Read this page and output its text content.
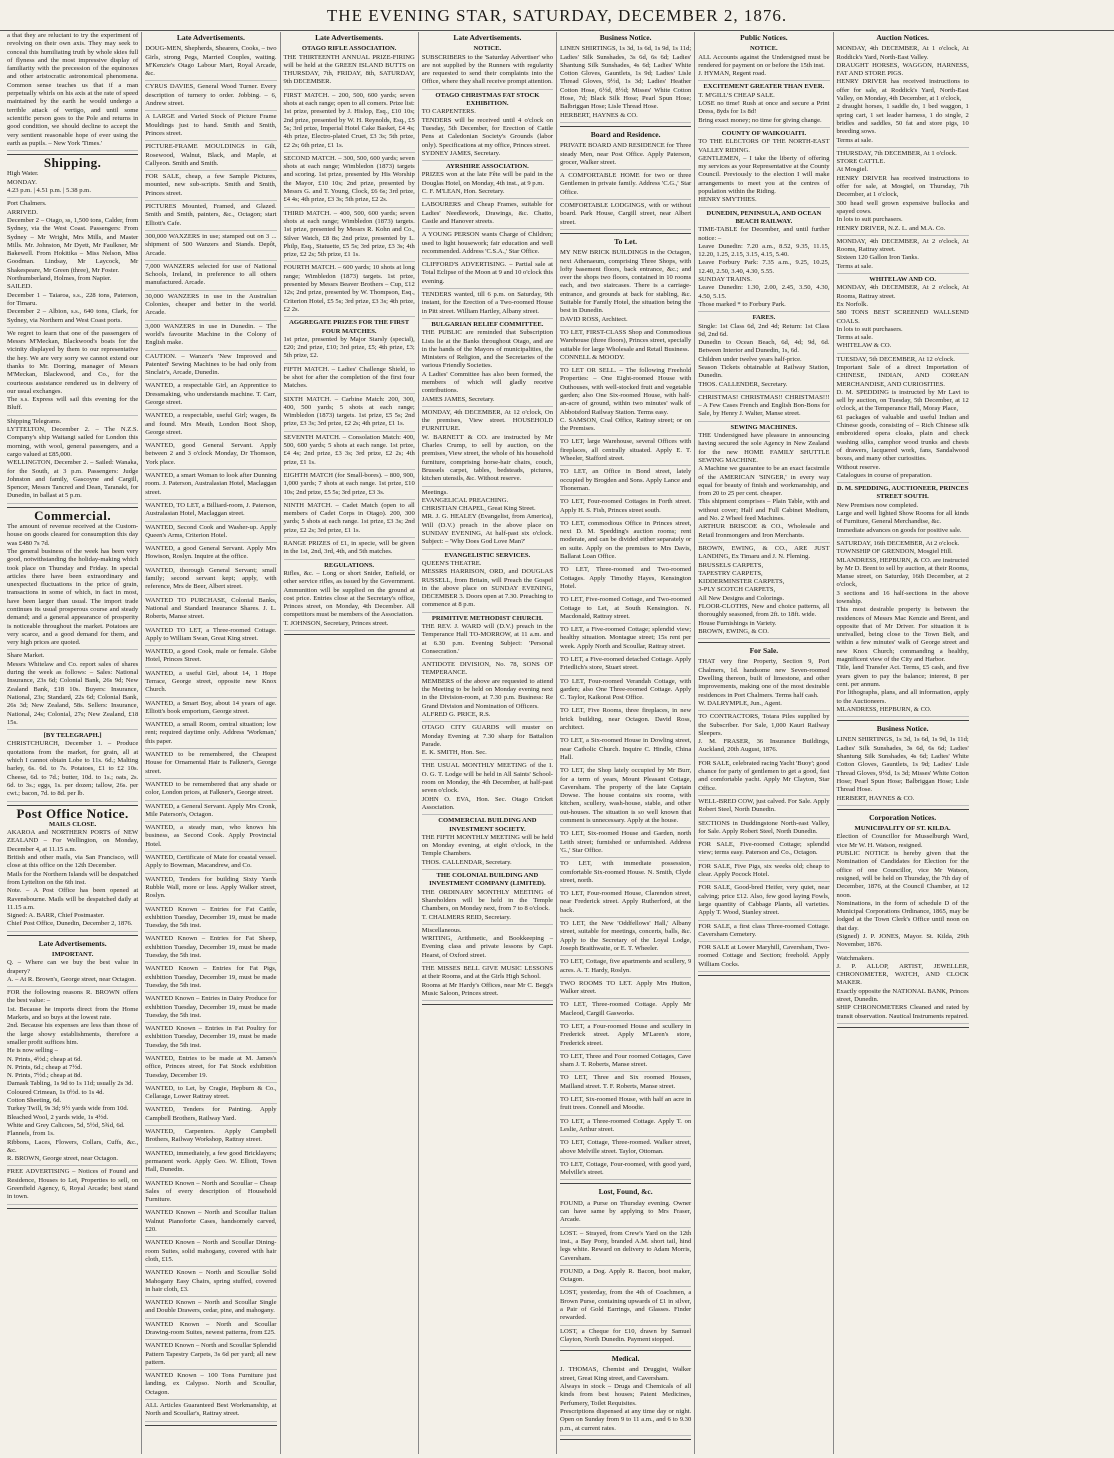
THE EVENING STAR, SATURDAY, DECEMBER 2, 1876.

a that they are reluctant to try the experiment of revolving on their own axis. They may seek to conceal this humiliating truth by whole skies full of flyness and the most impressive display of familiarity with the precession of the equinoxes and other aristocratic astronomical phenomena. Common sense teaches us that if a man perpetually whirls on his axis at the rate of speed maintained by the earth he would undergo a terrible attack of vertigo, and until some scientific person goes to the Pole and returns in good condition, we should decline to accept the very sentient reasonable hope of ever using the earth as pupils. – New York 'Times.'

Shipping.

High Water.

MONDAY.

4.23 p.m. | 4.51 p.m. | 5.38 p.m.

Port Chalmers.

ARRIVED.

December 2 – Otago, ss, 1,500 tons, Calder, from Sydney, via the West Coast. Passengers: From Sydney – Mr Wright, Mrs Mills, and Master Mills. Mr. Johnston, Mr Dyett, Mr Faulkner, Mr Bakewell. From Hokitika – Miss Nelson, Miss Goodman. Lindsay, Mr Laycock, Mr Shakespeare, Mr Green (three), Mr Foster.

Northumberland, Holmes, from Napier.

SAILED.

December 1 – Taiaroa, s.s., 228 tons, Paterson, for Timaru.

December 2 – Albion, s.s., 640 tons, Clark, for Sydney, via Northern and West Coast ports.

We regret to learn that one of the passengers of Messrs M'Meckan, Blackwood's boats for the vicinity displayed by them to our representative the hey. We are very sorry we cannot extend our thanks to Mr. Dorring, manager of Messrs M'Meckan, Blackwood, and Co., for the courteous assistance rendered us in delivery of our usual exchanges.

The s.s. Express will sail this evening for the Bluff.

Shipping Telegrams.

LYTTELTON, December 2. – The N.Z.S. Company's ship Waitangi sailed for London this morning, with wool, general passengers, and a cargo valued at £85,000.

WELLINGTON, December 2. – Sailed: Wanaka, for the South, at 3 p.m. Passengers: Judge Johnston and family, Gascoyne and Cargill, Spencer, Messrs Tancred and Dean, Taranaki, for Dunedin, in ballast at 5 p.m.

Commercial.

The amount of revenue received at the Custom-house on goods cleared for consumption this day was £480 7s 7d.

The general business of the week has been very good, notwithstanding the holiday-making which took place on Thursday and Friday. In special articles there have been extraordinary and unexpected fluctuations in the price of grain, transactions in some of which, in fact in most, have been larger than usual. The import trade continues its usual prosperous course and steady demand; and a general appearance of prosperity is noticeable throughout the market. Potatoes are very scarce, and a good demand for them, and very high prices are quoted.

Share Market.

Messrs Whitelaw and Co. report sales of shares during the week as follows: – Sales: National Insurance, 23s 6d; Colonial Bank, 26s 9d; New Zealand Bank, £18 10s. Buyers: Insurance, National, 23s; Standard, 22s 6d; Colonial Bank, 26s 3d; New Zealand, 58s. Sellers: Insurance, National, 24s; Colonial, 27s; New Zealand, £18 15s.

[BY TELEGRAPH.]

CHRISTCHURCH, December 1. – Produce quotations from the market, for grain, all at which I cannot obtain Lobe to 11s. 6d.; Malting barley, 6s. 6d. to 7s. Potatoes, £1 to £2 10s. Cheese, 6d. to 7d.; butter, 10d. to 1s.; oats, 2s. 6d. to 3s.; eggs, 1s. per dozen; tallow, 26s. per cwt.; bacon, 7d. to 8d. per lb.

Post Office Notice.

MAILS CLOSE.

AKAROA and NORTHERN PORTS of NEW ZEALAND – For Wellington, on Monday, December 4, at 11.15 a.m.

British and other mails, via San Francisco, will close at this office on the 12th December.

Mails for the Northern Islands will be despatched from Lyttelton on the 6th inst.

Note. – A Post Office has been opened at Ravensbourne. Mails will be despatched daily at 11.15 a.m.

Signed: A. BARR, Chief Postmaster.

Chief Post Office, Dunedin, December 2, 1876.

Late Advertisements.

IMPORTANT.

Q. – Where can we buy the best value in drapery?

A. – At R. Brown's, George street, near Octagon.

FOR the following reasons R. BROWN offers the best value: –

1st. Because he imports direct from the Home Markets, and so buys at the lowest rate.

2nd. Because his expenses are less than those of the large showy establishments, therefore a smaller profit suffices him.

He is now selling –

N. Prints, 4½d.; cheap at 6d.

N. Prints, 6d.; cheap at 7½d.

N. Prints, 7½d.; cheap at 8d.

Damask Tabling, 1s 9d to 1s 11d; usually 2s 3d.

Coloured Crimean, 1s 0½d. to 1s 4d.

Cotton Sheeting, 6d.

Turkey Twill, 9s 3d; 9½ yards wide from 10d.

Bleached Wool, 2 yards wide, 1s 4½d.

White and Grey Calicoes, 5d, 5½d, 5¾d, 6d.

Flannels, from 1s.

Ribbons, Laces, Flowers, Collars, Cuffs, &c., &c.

R. BROWN, George street, near Octagon.

FREE ADVERTISING – Notices of Found and Residence, Houses to Let, Properties to sell, on Greenfield Agency, 6, Royal Arcade; best stand in town.

Late Advertisements.

DOUG-MEN, Shepherds, Shearers, Cooks, – two Girls, strong Pegs, Married Couples, waiting. M'Kenzie's Otago Labour Mart, Royal Arcade, &c.

CYRUS DAVIES, General Wood Turner. Every description of turnery to order. Jobbing. – 6, Andrew street.

A LARGE and Varied Stock of Picture Frame Mouldings just to hand. Smith and Smith, Princes street.

PICTURE-FRAME MOULDINGS in Gilt, Rosewood, Walnut, Black, and Maple, at Callyeon. Smith and Smith.

FOR SALE, cheap, a few Sample Pictures, mounted, new sub-scripts. Smith and Smith, Princes street.

PICTURES Mounted, Framed, and Glazed. Smith and Smith, painters, &c., Octagon; start Elliott's Cafe.

300,000 WAXZERS in use; stamped out on 3 ... shipment of 500 Wanzers and Stands. Depôt, Arcade.

7,000 WANZERS selected for use of National Schools, Ireland, in preference to all others manufactured. Arcade.

30,000 WANZERS in use in the Australian Colonies, cheaper and better in the world. Arcade.

3,000 WANZERS in use in Dunedin. – The world's favourite Machine in the Colony of English make.

CAUTION. – Wanzer's 'New Improved and Patented' Sewing Machines to be had only from Sinclair's, Arcade, Dunedin.

WANTED, a respectable Girl, an Apprentice to Dressmaking, who understands machine. T. Carr, George street.

WANTED, a respectable, useful Girl; wages, 8s and found. Mrs Meath, London Boot Shop, George street.

WANTED, good General Servant. Apply between 2 and 3 o'clock Monday, Dr Thomson, York place.

WANTED, a smart Woman to look after Dunning room. J. Paterson, Australasian Hotel, Maclaggan street.

WANTED, TO LET, a Billiard-room, J. Paterson, Australasian Hotel, Maclaggan street.

WANTED, Second Cook and Washer-up. Apply Queen's Arms, Criterion Hotel.

WANTED, a good General Servant. Apply Mrs Howison, Roslyn. Inquire at the office.

WANTED, thorough General Servant; small family; second servant kept; apply, with reference, Mrs de Beer, Albert street.

WANTED TO PURCHASE, Colonial Banks, National and Standard Insurance Shares. J. L. Roberts, Manse street.

WANTED TO LET, a Three-roomed Cottage. Apply to William Swan, Great King street.

WANTED, a good Cook, male or female. Globe Hotel, Princes Street.

WANTED, a useful Girl, about 14, 1 Hope Terrace, George street, opposite new Knox Church.

WANTED, a Smart Boy, about 14 years of age. Elliott's book emporium, George street.

WANTED, a small Room, central situation; low rent; required daytime only. Address 'Workman,' this paper.

WANTED to be remembered, the Cheapest House for Ornamental Hair is Falkner's, George street.

WANTED to be remembered that any shade or color, London prices, at Falkner's, George street.

WANTED, a General Servant. Apply Mrs Cronk, Mile Paterson's, Octagon.

WANTED, a steady man, who knows his business, as Second Cook. Apply Provincial Hotel.

WANTED, Certificate of Mate for coastal vessel. Apply to Bowman, Macandrew, and Co.

WANTED, Tenders for building Sixty Yards Rubble Wall, more or less. Apply Walker street, Roslyn.

WANTED Known – Entries for Fat Cattle, exhibition Tuesday, December 19, must be made Tuesday, the 5th inst.

WANTED Known – Entries for Fat Sheep, exhibition Tuesday, December 19, must be made Tuesday, the 5th inst.

WANTED Known – Entries for Fat Pigs, exhibition Tuesday, December 19, must be made Tuesday, the 5th inst.

WANTED Known – Entries in Dairy Produce for exhibition Tuesday, December 19, must be made Tuesday, the 5th inst.

WANTED Known – Entries in Fat Poultry for exhibition Tuesday, December 19, must be made Tuesday, the 5th inst.

WANTED, Entries to be made at M. James's office, Princes street, for Fat Stock exhibition Tuesday, December 19.

WANTED, to Let, by Cragie, Hepburn & Co., Cellarage, Lower Rattray street.

WANTED, Tenders for Painting. Apply Campbell Brothers, Railway Yard.

WANTED, Carpenters. Apply Campbell Brothers, Railway Workshop, Rattray street.

WANTED, immediately, a few good Bricklayers; permanent work. Apply Geo. W. Elliott, Town Hall, Dunedin.

WANTED Known – North and Scoullar – Cheap Sales of every description of Household Furniture.

WANTED Known – North and Scoullar Italian Walnut Pianoforte Cases, handsomely carved, £20.

WANTED Known – North and Scoullar Dining-room Suites, solid mahogany, covered with hair cloth, £15.

WANTED Known – North and Scoullar Solid Mahogany Easy Chairs, spring stuffed, covered in hair cloth, £3.

WANTED Known – North and Scoullar Single and Double Drawers, cedar, pine, and mahogany.

WANTED Known – North and Scoullar Drawing-room Suites, newest patterns, from £25.

WANTED Known – North and Scoullar Splendid Pattern Tapestry Carpets, 3s 6d per yard; all new pattern.

WANTED Known – 100 Tons Furniture just landing, ex Calypso. North and Scoullar, Octagon.

ALL Articles Guaranteed Best Workmanship, at North and Scoullar's, Rattray street.

Late Advertisements.

OTAGO RIFLE ASSOCIATION.

THE THIRTEENTH ANNUAL PRIZE-FIRING will be held at the GREEN ISLAND BUTTS on THURSDAY, 7th, FRIDAY, 8th, SATURDAY, 9th DECEMBER.

FIRST MATCH. – 200, 500, 600 yards; seven shots at each range; open to all comers. Prize list: 1st prize, presented by J. Hislop, Esq., £10 10s; 2nd prize, presented by W. H. Reynolds, Esq., £5 5s; 3rd prize, Imperial Hotel Cake Basket, £4 4s; 4th prize, Electro-plated Cruet, £3 3s; 5th prize, £2 2s; 6th prize, £1 1s.

SECOND MATCH. – 300, 500, 600 yards; seven shots at each range; Wimbledon (1873) targets and scoring. 1st prize, presented by His Worship the Mayor, £10 10s; 2nd prize, presented by Messrs G. and T. Young, Clock, £6 6s; 3rd prize, £4 4s; 4th prize, £3 3s; 5th prize, £2 2s.

THIRD MATCH. – 400, 500, 600 yards; seven shots at each range; Wimbledon (1873) targets. 1st prize, presented by Messrs R. Kohn and Co., Silver Watch, £8 8s; 2nd prize, presented by L. Philp, Esq., Statuette, £5 5s; 3rd prize, £3 3s; 4th prize, £2 2s; 5th prize, £1 1s.

FOURTH MATCH. – 600 yards; 10 shots at long range; Wimbledon (1873) targets. 1st prize, presented by Messrs Beaver Brothers – Cup, £12 12s; 2nd prize, presented by W. Thompson, Esq., Criterion Hotel, £5 5s; 3rd prize, £3 3s; 4th prize, £2 2s.

AGGREGATE PRIZES FOR THE FIRST FOUR MATCHES.

1st prize, presented by Major Starsly (special), £20; 2nd prize, £10; 3rd prize, £5; 4th prize, £3; 5th prize, £2.

FIFTH MATCH. – Ladies' Challenge Shield, to be shot for after the completion of the first four Matches.

SIXTH MATCH. – Carbine Match: 200, 300, 400, 500 yards; 5 shots at each range; Wimbledon (1873) targets. 1st prize, £5 5s; 2nd prize, £3 3s; 3rd prize, £2 2s; 4th prize, £1 1s.

SEVENTH MATCH. – Consolation Match: 400, 500, 600 yards; 5 shots at each range. 1st prize, £4 4s; 2nd prize, £3 3s; 3rd prize, £2 2s; 4th prize, £1 1s.

EIGHTH MATCH (for Small-bores). – 800, 900, 1,000 yards; 7 shots at each range. 1st prize, £10 10s; 2nd prize, £5 5s; 3rd prize, £3 3s.

NINTH MATCH. – Cadet Match (open to all members of Cadet Corps in Otago). 200, 300 yards; 5 shots at each range. 1st prize, £3 3s; 2nd prize, £2 2s; 3rd prize, £1 1s.

RANGE PRIZES of £1, in specie, will be given in the 1st, 2nd, 3rd, 4th, and 5th matches.

REGULATIONS.

Rifles, &c. – Long or short Snider, Enfield, or other service rifles, as issued by the Government. Ammunition will be supplied on the ground at cost price. Entries close at the Secretary's office, Princes street, on Monday, 4th December. All competitors must be members of the Association.

T. JOHNSON, Secretary, Princes street.

Late Advertisements.

NOTICE.

SUBSCRIBERS to the 'Saturday Advertiser' who are not supplied by the Runners with regularity are requested to send their complaints into the Office, where they shall receive prompt attention.

OTAGO CHRISTMAS FAT STOCK EXHIBITION.

TO CARPENTERS.

TENDERS will be received until 4 o'clock on Tuesday, 5th December, for Erection of Cattle Pens at Caledonian Society's Grounds (labor only). Specifications at my office, Princes street.

SYDNEY JAMES, Secretary.

AYRSHIRE ASSOCIATION.

PRIZES won at the late Fête will be paid in the Douglas Hotel, on Monday, 4th inst., at 9 p.m.

C. F. M'LEAN, Hon. Secretary.

LABOURERS and Cheap Frames, suitable for Ladies' Needlework, Drawings, &c. Chatto, Castle and Hanover streets.

A YOUNG PERSON wants Charge of Children; used to light housework; fair education and well recommended. Address 'C.S.A.,' Star Office.

CLIFFORD'S ADVERTISING. – Partial sale at Total Eclipse of the Moon at 9 and 10 o'clock this evening.

TENDERS wanted, till 6 p.m. on Saturday, 9th instant, for the Erection of a Two-roomed House in Pitt street. William Hartley, Albany street.

BULGARIAN RELIEF COMMITTEE.

THE PUBLIC are reminded that Subscription Lists lie at the Banks throughout Otago, and are in the hands of the Mayors of municipalities, the Ministers of Religion, and the Secretaries of the various Friendly Societies.

A Ladies' Committee has also been formed, the members of which will gladly receive contributions.

JAMES JAMES, Secretary.

MONDAY, 4th DECEMBER, At 12 o'clock, On the premises, View street. HOUSEHOLD FURNITURE.

W. BARNETT & CO. are instructed by Mr Charles Crump, to sell by auction, on the premises, View street, the whole of his household furniture, comprising horse-hair chairs, couch, Brussels carpet, tables, bedsteads, pictures, kitchen utensils, &c. Without reserve.

Meetings.

EVANGELICAL PREACHING.

CHRISTIAN CHAPEL, Great King Street.

MR. J. G. HEALEY (Evangelist, from America), Will (D.V.) preach in the above place on SUNDAY EVENING, At half-past six o'clock. Subject: – 'Why Does God Love Man?'

EVANGELISTIC SERVICES.

QUEEN'S THEATRE.

MESSRS HARRISON, ORD, and DOUGLAS RUSSELL, from Britain, will Preach the Gospel in the above place on SUNDAY EVENING, DECEMBER 3. Doors open at 7.30. Preaching to commence at 8 p.m.

PRIMITIVE METHODIST CHURCH.

THE REV. J. WARD will (D.V.) preach in the Temperance Hall TO-MORROW, at 11 a.m. and at 6.30 p.m. Evening Subject: 'Personal Consecration.'

ANTIDOTE DIVISION, No. 78, SONS OF TEMPERANCE.

MEMBERS of the above are requested to attend the Meeting to be held on Monday evening next in the Division-room, at 7.30 p.m. Business: Re Grand Division and Nomination of Officers.

ALFRED G. PRICE, R.S.

OTAGO CITY GUARDS will muster on Monday Evening at 7.30 sharp for Battalion Parade.

E. K. SMITH, Hon. Sec.

THE USUAL MONTHLY MEETING of the I. O. G. T. Lodge will be held in All Saints' School-room on Monday, the 4th December, at half-past seven o'clock.

JOHN O. EVA, Hon. Sec. Otago Cricket Association.

COMMERCIAL BUILDING AND INVESTMENT SOCIETY.

THE FIFTH MONTHLY MEETING will be held on Monday evening, at eight o'clock, in the Temple Chambers.

THOS. CALLENDAR, Secretary.

THE COLONIAL BUILDING AND INVESTMENT COMPANY (LIMITED).

THE ORDINARY MONTHLY MEETING of Shareholders will be held in the Temple Chambers, on Monday next, from 7 to 8 o'clock.

T. CHALMERS REID, Secretary.

Miscellaneous.

WRITING, Arithmetic, and Bookkeeping – Evening class and private lessons by Capt. Hearst, of Oxford street.

THE MISSES BELL GIVE MUSIC LESSONS at their Rooms, and at the Girls High School.

Rooms at Mr Hardy's Offices, near Mr C. Begg's Music Saloon, Princes street.

Business Notice.

LINEN SHIRTINGS, 1s 3d, 1s 6d, 1s 9d, 1s 11d; Ladies' Silk Sunshades, 3s 6d, 6s 6d; Ladies' Shantung Silk Sunshades, 4s 6d; Ladies' White Cotton Gloves, Gauntlets, 1s 9d; Ladies' Lisle Thread Gloves, 9½d, 1s 3d; Ladies' Heather Cotton Hose, 6½d, 8½d; Misses' White Cotton Hose, 7d; Black Silk Hose; Pearl Spun Hose; Balbriggan Hose; Lisle Thread Hose.

HERBERT, HAYNES & CO.

Board and Residence.

PRIVATE BOARD AND RESIDENCE for Three steady Men, near Post Office. Apply Paterson, grocer, Walker street.

A COMFORTABLE HOME for two or three Gentlemen in private family. Address 'C.G.,' Star Office.

COMFORTABLE LODGINGS, with or without board. Park House, Cargill street, near Albert street.

To Let.

MY NEW BRICK BUILDINGS in the Octagon, next Athenaeum, comprising Three Shops, with lofty basement floors, back entrance, &c.; and over the shops two floors, contained in 10 rooms each, and two staircases. There is a carriage-entrance, and grounds at back for stabling, &c. Suitable for Family Hotel, the situation being the best in Dunedin.

DAVID ROSS, Architect.

TO LET, FIRST-CLASS Shop and Commodious Warehouse (three floors), Princes street, specially suitable for large Wholesale and Retail Business.

CONNELL & MOODY.

TO LET OR SELL. – The following Freehold Properties: – One Eight-roomed House with Outhouses, with well-stocked fruit and vegetable garden; also One Six-roomed House, with half-an-acre of ground, within two minutes' walk of Abbotsford Railway Station. Terms easy.

C. SAMSON, Coal Office, Rattray street; or on the Premises.

TO LET, large Warehouse, several Offices with fireplaces, all centrally situated. Apply E. T. Wheeler, Stafford street.

TO LET, an Office in Bond street, lately occupied by Brogden and Sons. Apply Lance and Thoneman.

TO LET, Four-roomed Cottages in Forth street. Apply H. S. Fish, Princes street south.

TO LET, commodious Office in Princes street, next D. M. Spedding's auction rooms; rent moderate, and can be divided either separately or en suite. Apply on the premises to Mrs Davis, Ballarat Loan Office.

TO LET, Three-roomed and Two-roomed Cottages. Apply Timothy Hayes, Kensington Hotel.

TO LET, Five-roomed Cottage, and Two-roomed Cottage to Let, at South Kensington. N. Macdonald, Rattray street.

TO LET, a Five-roomed Cottage; splendid view; healthy situation. Montague street; 15s rent per week. Apply North and Scoullar, Rattray street.

TO LET, a Five-roomed detached Cottage. Apply Friedlich's store, Stuart street.

TO LET, Four-roomed Verandah Cottage, with garden; also One Three-roomed Cottage. Apply C. Taylor, Kaikorai Post Office.

TO LET, Five Rooms, three fireplaces, in new brick building, near Octagon. David Ross, architect.

TO LET, a Six-roomed House in Dowling street, near Catholic Church. Inquire C. Hindle, China Hall.

TO LET, the Shop lately occupied by Mr Burr, for a term of years, Mount Pleasant Cottage, Caversham. The property of the late Captain Dowse. The house contains six rooms, with kitchen, scullery, wash-house, stable, and other out-houses. The situation is so well known that comment is unnecessary. Apply at the house.

TO LET, Six-roomed House and Garden, north Leith street; furnished or unfurnished. Address 'G.,' Star Office.

TO LET, with immediate possession, comfortable Six-roomed House. N. Smith, Clyde street, north.

TO LET, Four-roomed House, Clarendon street, near Frederick street. Apply Rutherford, at the back.

TO LET, the New 'Oddfellows' Hall,' Albany street, suitable for meetings, concerts, balls, &c. Apply to the Secretary of the Loyal Lodge, Joseph Braithwaite, or E. T. Wheeler.

TO LET, Cottage, five apartments and scullery, 9 acres. A. T. Hardy, Roslyn.

TWO ROOMS TO LET. Apply Mrs Hutton, Walker street.

TO LET, Three-roomed Cottage. Apply Mr Macleod, Cargill Gasworks.

TO LET, a Four-roomed House and scullery in Frederick street. Apply M'Laren's store, Frederick street.

TO LET, Three and Four roomed Cottages, Cave sham J. T. Roberts, Manse street.

TO LET, Three and Six roomed Houses, Mailland street. T. F. Roberts, Manse street.

TO LET, Six-roomed House, with half an acre in fruit trees. Connell and Moodie.

TO LET, a Three-roomed Cottage. Apply T. on Leslie, Arthur street.

TO LET, Cottage, Three-roomed. Walker street, above Melville street. Taylor, Ottoman.

TO LET, Cottage, Four-roomed, with good yard, Melville's street.

Lost, Found, &c.

FOUND, a Purse on Thursday evening. Owner can have same by applying to Mrs Fraser, Arcade.

LOST. – Strayed, from Crew's Yard on the 12th inst., a Bay Pony, branded A.M. short tail, hind legs white. Reward on delivery to Adam Morris, Caversham.

FOUND, a Dog. Apply R. Bacon, boot maker, Octagon.

LOST, yesterday, from the 4th of Coachmen, a Brown Purse, containing upwards of £1 in silver, a Pair of Gold Earrings, and Glasses. Finder rewarded.

LOST, a Cheque for £10, drawn by Samuel Clayton, North Dunedin. Payment stopped.

Medical.

J. THOMAS, Chemist and Druggist, Walker street, Great King street, and Caversham.

Always in stock – Drugs and Chemicals of all kinds from best houses; Patent Medicines, Perfumery, Toilet Requisites.

Prescriptions dispensed at any time day or night. Open on Sunday from 9 to 11 a.m., and 6 to 9.30 p.m., at current rates.

Public Notices.

NOTICE.

ALL Accounts against the Undersigned must be rendered for payment on or before the 15th inst.

J. HYMAN, Regent road.

EXCITEMENT GREATER THAN EVER.

T. M'GILL'S CHEAP SALE.

LOSE no time! Rush at once and secure a Print Dress, 8yds for 1s 8d!

Bring exact money; no time for giving change.

COUNTY OF WAIKOUAITI.

TO THE ELECTORS OF THE NORTH-EAST VALLEY RIDING.

GENTLEMEN, – I take the liberty of offering my services as your Representative at the County Council. Previously to the election I will make arrangements to meet you at the centres of population within the Riding.

HENRY SMYTHIES.

DUNEDIN, PENINSULA, AND OCEAN BEACH RAILWAY.

TIME-TABLE for December, and until further notice: –

Leave Dunedin: 7.20 a.m., 8.52, 9.35, 11.15, 12.20, 1.25, 2.15, 3.15, 4.15, 5.40.

Leave Forbury Park: 7.35 a.m., 9.25, 10.25, 12.40, 2.50, 3.40, 4.30, 5.55.

SUNDAY TRAINS.

Leave Dunedin: 1.30, 2.00, 2.45, 3.50, 4.30, 4.50, 5.15.

Those marked * to Forbury Park.

FARES.

Single: 1st Class 6d, 2nd 4d; Return: 1st Class 9d, 2nd 6d.

Dunedin to Ocean Beach, 6d, 4d; 9d, 6d. Between Interior and Dunedin, 1s, 6d.

Children under twelve years half-price.

Season Tickets obtainable at Railway Station, Dunedin.

THOS. CALLENDER, Secretary.

CHRISTMAS! CHRISTMAS!! CHRISTMAS!!! – A Few Cases French and English Bon-Bons for Sale, by Henry J. Walter, Manse street.

SEWING MACHINES.

THE Undersigned have pleasure in announcing having secured the sole Agency in New Zealand for the new HOME FAMILY SHUTTLE SEWING MACHINE.

A Machine we guarantee to be an exact facsimile of the AMERICAN 'SINGER,' in every way equal for beauty of finish and workmanship, and from 20 to 25 per cent. cheaper.

This shipment comprises – Plain Table, with and without cover; Half and Full Cabinet Medium, and No. 2 Wheel feed Machines.

ARTHUR BRISCOE & CO., Wholesale and Retail Ironmongers and Iron Merchants.

BROWN, EWING, & CO., ARE JUST LANDING, Ex Timaru and J. N. Fleming.

BRUSSELS CARPETS,

TAPESTRY CARPETS,

KIDDERMINSTER CARPETS,

3-PLY SCOTCH CARPETS,

All New Designs and Colorings.

FLOOR-CLOTHS, New and choice patterns, all thoroughly seasoned, from 2ft. to 18ft. wide.

House Furnishings in Variety.

BROWN, EWING, & CO.

For Sale.

THAT very fine Property, Section 9, Port Chalmers, 1d. handsome new Seven-roomed Dwelling thereon, built of limestone, and other improvements, making one of the most desirable residences in Port Chalmers. Terms half cash.

W. DALRYMPLE, Jun., Agent.

TO CONTRACTORS, Totara Piles supplied by the Subscriber. For Sale, 1,000 Kauri Railway Sleepers.

J. M. FRASER, 36 Insurance Buildings, Auckland, 20th August, 1876.

FOR SALE, celebrated racing Yacht 'Buoy'; good chance for party of gentlemen to get a good, fast and comfortable yacht. Apply Mr Clayton, Star Office.

WELL-BRED COW, just calved. For Sale. Apply Robert Steel, North Dunedin.

SECTIONS in Duddingstone North-east Valley, for Sale. Apply Robert Steel, North Dunedin.

FOR SALE, Five-roomed Cottage; splendid view; terms easy. Paterson and Co., Octagon.

FOR SALE, Five Pigs, six weeks old; cheap to clear. Apply Pocock Hotel.

FOR SALE, Good-bred Heifer, very quiet, near calving; price £12. Also, few good laying Fowls, large quantity of Cabbage Plants, all varieties. Apply T. Wood, Stanley street.

FOR SALE, a first class Three-roomed Cottage. Caversham Cemetery.

FOR SALE at Lower Maryhill, Caversham, Two-roomed Cottage and Section; freehold. Apply William Cocks.

Auction Notices.

MONDAY, 4th DECEMBER, At 1 o'clock, At Roddick's Yard, North-East Valley.

DRAUGHT HORSES, WAGGON, HARNESS, FAT AND STORE PIGS.

HENRY DRIVER has received instructions to offer for sale, at Roddick's Yard, North-East Valley, on Monday, 4th December, at 1 o'clock,

2 draught horses, 1 saddle do, 1 bed waggon, 1 spring cart, 1 set leader harness, 1 do single, 2 bridles and saddles, 50 fat and store pigs, 10 breeding sows.

Terms at sale.

THURSDAY, 7th DECEMBER, At 1 o'clock.

STORE CATTLE.

At Mosgiel.

HENRY DRIVER has received instructions to offer for sale, at Mosgiel, on Thursday, 7th December, at 1 o'clock,

300 head well grown expensive bullocks and spayed cows.

In lots to suit purchasers.

HENRY DRIVER, N.Z. L. and M.A. Co.

MONDAY, 4th DECEMBER, At 2 o'clock, At Rooms, Rattray street.

Sixteen 120 Gallon Iron Tanks.

Terms at sale.

WHITELAW AND CO.

MONDAY, 4th DECEMBER, At 2 o'clock, At Rooms, Rattray street.

Ex Norfolk.

580 TONS BEST SCREENED WALLSEND COALS.

In lots to suit purchasers.

Terms at sale.

WHITELAW & CO.

TUESDAY, 5th DECEMBER, At 12 o'clock.

Important Sale of a direct Importation of CHINESE, INDIAN, AND COREAN MERCHANDISE, AND CURIOSITIES.

D. M. SPEDDING is instructed by Mr Lavi to sell by auction, on Tuesday, 5th December, at 12 o'clock, at the Temperance Hall, Moray Place,

61 packages of valuable and useful Indian and Chinese goods, consisting of – Rich Chinese silk embroidered opera cloaks, plain and check washing silks, camphor wood trunks and chests of drawers, lacquered work, fans, Sandalwood boxes, and many other curiosities.

Without reserve.

Catalogues in course of preparation.

D. M. SPEDDING, AUCTIONEER, PRINCES STREET SOUTH.

New Premises now completed.

Large and well lighted Show Rooms for all kinds of Furniture, General Merchandise, &c.

Immediate advances on goods for positive sale.

SATURDAY, 16th DECEMBER, At 2 o'clock.

TOWNSHIP OF GRENDON, Mosgiel Hill.

MLANDRESS, HEPBURN, & CO. are instructed by Mr D. Brent to sell by auction, at their Rooms, Manse street, on Saturday, 16th December, at 2 o'clock,

3 sections and 16 half-sections in the above township.

This most desirable property is between the residences of Messrs Mac Kenzie and Brent, and opposite that of Mr Driver. For situation it is unrivalled, being close to the Town Belt, and within a few minutes' walk of George street and new Knox Church; commanding a healthy, magnificent view of the City and Harbor.

Title, land Transfer Act. Terms, £5 cash, and five years given to pay the balance; interest, 8 per cent. per annum.

For lithographs, plans, and all information, apply to the Auctioneers.

MLANDRESS, HEPBURN, & CO.

Business Notice.

LINEN SHIRTINGS, 1s 3d, 1s 6d, 1s 9d, 1s 11d; Ladies' Silk Sunshades, 3s 6d, 6s 6d; Ladies' Shantung Silk Sunshades, 4s 6d; Ladies' White Cotton Gloves, Gauntlets, 1s 9d; Ladies' Lisle Thread Gloves, 9½d, 1s 3d; Misses' White Cotton Hose; Pearl Spun Hose; Balbriggan Hose; Lisle Thread Hose.

HERBERT, HAYNES & CO.

Corporation Notices.

MUNICIPALITY OF ST. KILDA.

Election of Councillor for Musselburgh Ward, vice Mr W. H. Watson, resigned.

PUBLIC NOTICE is hereby given that the Nomination of Candidates for Election for the office of one Councillor, vice Mr Watson, resigned, will be held on Thursday, the 7th day of December, 1876, at the Council Chamber, at 12 noon.

Nominations, in the form of schedule D of the Municipal Corporations Ordinance, 1865, may be lodged at the Town Clerk's Office until noon on that day.

(Signed) J. P. JONES, Mayor. St. Kilda, 29th November, 1876.

Watchmakers.

J. P. ALLOP, ARTIST, JEWELLER, CHRONOMETER, WATCH, AND CLOCK MAKER.

Exactly opposite the NATIONAL BANK, Princes street, Dunedin.

SHIP CHRONOMETERS Cleaned and rated by transit observation. Nautical Instruments repaired.
